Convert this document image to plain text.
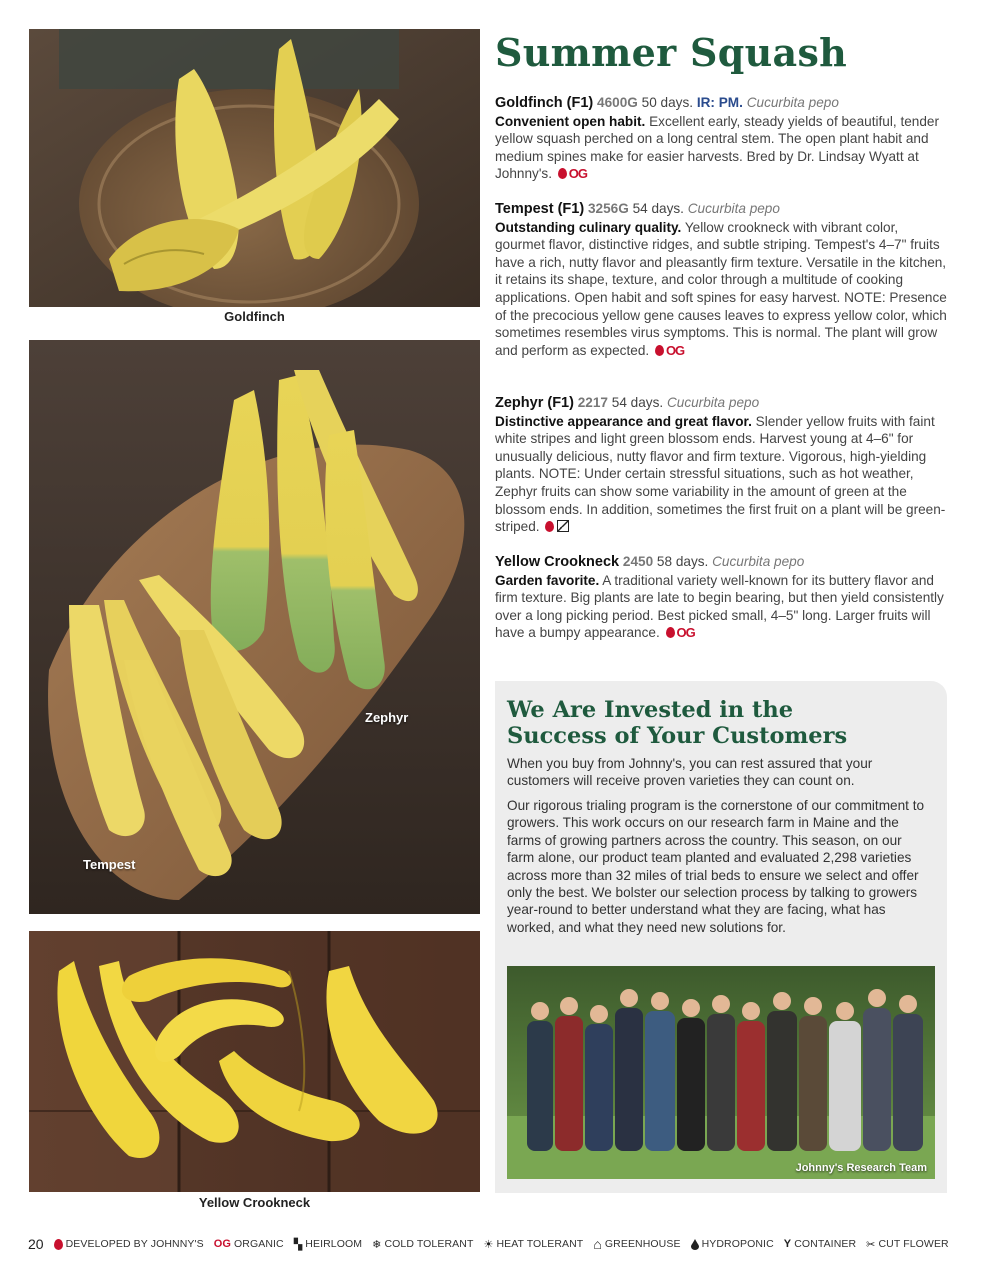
Goldfinch
Zephyr
Tempest
Yellow Crookneck
Summer Squash
Goldfinch (F1) 4600G 50 days. IR: PM. Cucurbita pepo
Convenient open habit. Excellent early, steady yields of beautiful, tender yellow squash perched on a long central stem. The open plant habit and medium spines make for easier harvests. Bred by Dr. Lindsay Wyatt at Johnny's. OG
Tempest (F1) 3256G 54 days. Cucurbita pepo
Outstanding culinary quality. Yellow crookneck with vibrant color, gourmet flavor, distinctive ridges, and subtle striping. Tempest's 4–7" fruits have a rich, nutty flavor and pleasantly firm texture. Versatile in the kitchen, it retains its shape, texture, and color through a multitude of cooking applications. Open habit and soft spines for easy harvest. NOTE: Presence of the precocious yellow gene causes leaves to express yellow color, which sometimes resembles virus symptoms. This is normal. The plant will grow and perform as expected. OG
Zephyr (F1) 2217 54 days. Cucurbita pepo
Distinctive appearance and great flavor. Slender yellow fruits with faint white stripes and light green blossom ends. Harvest young at 4–6" for unusually delicious, nutty flavor and firm texture. Vigorous, high-yielding plants. NOTE: Under certain stressful situations, such as hot weather, Zephyr fruits can show some variability in the amount of green at the blossom ends. In addition, sometimes the first fruit on a plant will be green-striped.
Yellow Crookneck 2450 58 days. Cucurbita pepo
Garden favorite. A traditional variety well-known for its buttery flavor and firm texture. Big plants are late to begin bearing, but then yield consistently over a long picking period. Best picked small, 4–5" long. Larger fruits will have a bumpy appearance. OG
We Are Invested in the
Success of Your Customers

When you buy from Johnny's, you can rest assured that your customers will receive proven varieties they can count on.

Our rigorous trialing program is the cornerstone of our commitment to growers. This work occurs on our research farm in Maine and the farms of growing partners across the country. This season, on our farm alone, our product team planted and evaluated 2,298 varieties across more than 32 miles of trial beds to ensure we select and offer only the best. We bolster our selection process by talking to growers year-round to better understand what they are facing, what has worked, and what they need new solutions for.

Johnny's Research Team
20 DEVELOPED BY JOHNNY'S OG ORGANIC ▚ HEIRLOOM ❄ COLD TOLERANT ☀ HEAT TOLERANT ⌂ GREENHOUSE HYDROPONIC Y CONTAINER ✂ CUT FLOWER
